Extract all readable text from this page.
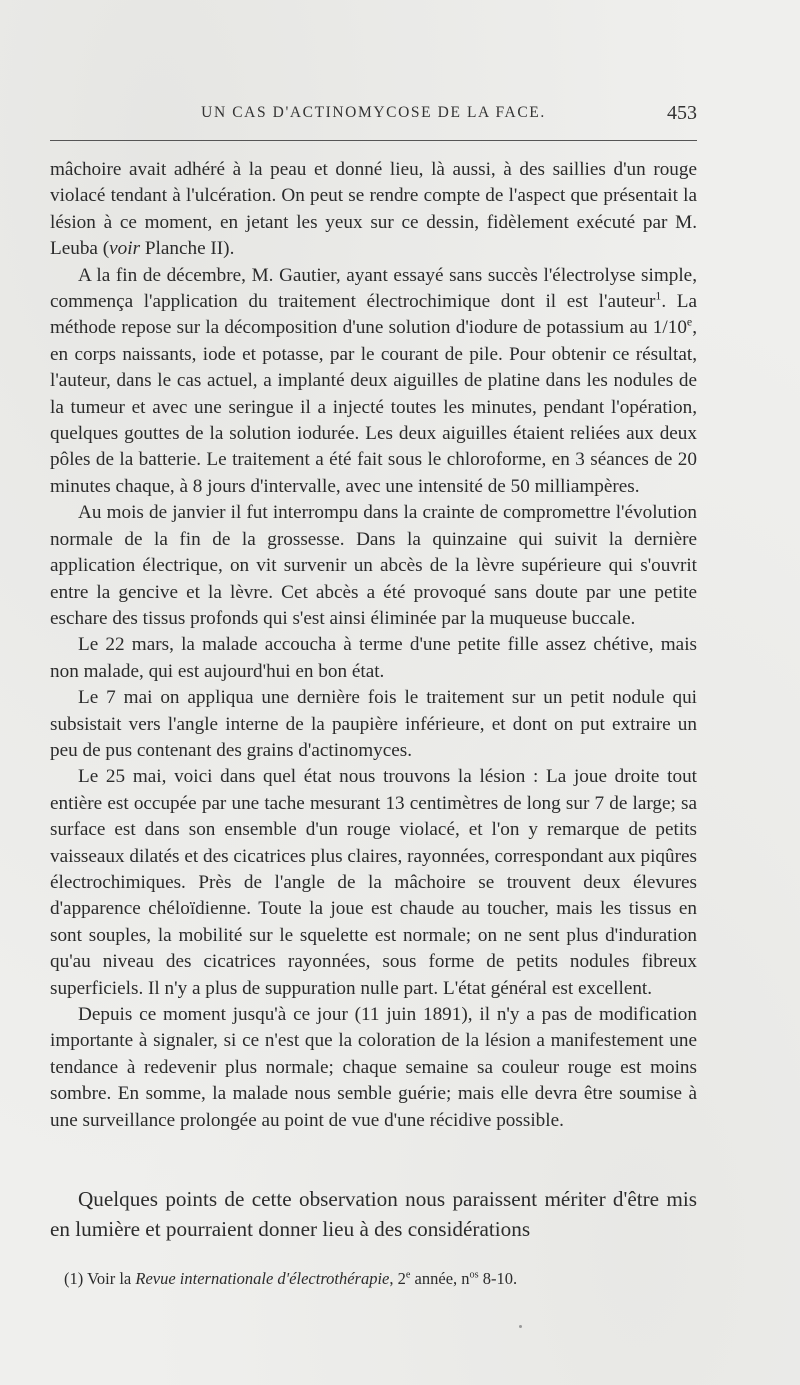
UN CAS D'ACTINOMYCOSE DE LA FACE.	453

mâchoire avait adhéré à la peau et donné lieu, là aussi, à des saillies d'un rouge violacé tendant à l'ulcération. On peut se rendre compte de l'aspect que présentait la lésion à ce moment, en jetant les yeux sur ce dessin, fidèlement exécuté par M. Leuba (voir Planche II).

A la fin de décembre, M. Gautier, ayant essayé sans succès l'électrolyse simple, commença l'application du traitement électrochimique dont il est l'auteur$^1$. La méthode repose sur la décomposition d'une solution d'iodure de potassium au 1/10e, en corps naissants, iode et potasse, par le courant de pile. Pour obtenir ce résultat, l'auteur, dans le cas actuel, a implanté deux aiguilles de platine dans les nodules de la tumeur et avec une seringue il a injecté toutes les minutes, pendant l'opération, quelques gouttes de la solution iodurée. Les deux aiguilles étaient reliées aux deux pôles de la batterie. Le traitement a été fait sous le chloroforme, en 3 séances de 20 minutes chaque, à 8 jours d'intervalle, avec une intensité de 50 milliampères.

Au mois de janvier il fut interrompu dans la crainte de compromettre l'évolution normale de la fin de la grossesse. Dans la quinzaine qui suivit la dernière application électrique, on vit survenir un abcès de la lèvre supérieure qui s'ouvrit entre la gencive et la lèvre. Cet abcès a été provoqué sans doute par une petite eschare des tissus profonds qui s'est ainsi éliminée par la muqueuse buccale.

Le 22 mars, la malade accoucha à terme d'une petite fille assez chétive, mais non malade, qui est aujourd'hui en bon état.

Le 7 mai on appliqua une dernière fois le traitement sur un petit nodule qui subsistait vers l'angle interne de la paupière inférieure, et dont on put extraire un peu de pus contenant des grains d'actinomyces.

Le 25 mai, voici dans quel état nous trouvons la lésion : La joue droite tout entière est occupée par une tache mesurant 13 centimètres de long sur 7 de large; sa surface est dans son ensemble d'un rouge violacé, et l'on y remarque de petits vaisseaux dilatés et des cicatrices plus claires, rayonnées, correspondant aux piqûres électrochimiques. Près de l'angle de la mâchoire se trouvent deux élevures d'apparence chéloïdienne. Toute la joue est chaude au toucher, mais les tissus en sont souples, la mobilité sur le squelette est normale; on ne sent plus d'induration qu'au niveau des cicatrices rayonnées, sous forme de petits nodules fibreux superficiels. Il n'y a plus de suppuration nulle part. L'état général est excellent.

Depuis ce moment jusqu'à ce jour (11 juin 1891), il n'y a pas de modification importante à signaler, si ce n'est que la coloration de la lésion a manifestement une tendance à redevenir plus normale; chaque semaine sa couleur rouge est moins sombre. En somme, la malade nous semble guérie; mais elle devra être soumise à une surveillance prolongée au point de vue d'une récidive possible.

Quelques points de cette observation nous paraissent mériter d'être mis en lumière et pourraient donner lieu à des considérations

(1) Voir la Revue internationale d'électrothérapie, 2e année, $n^{os}$ 8-10.
